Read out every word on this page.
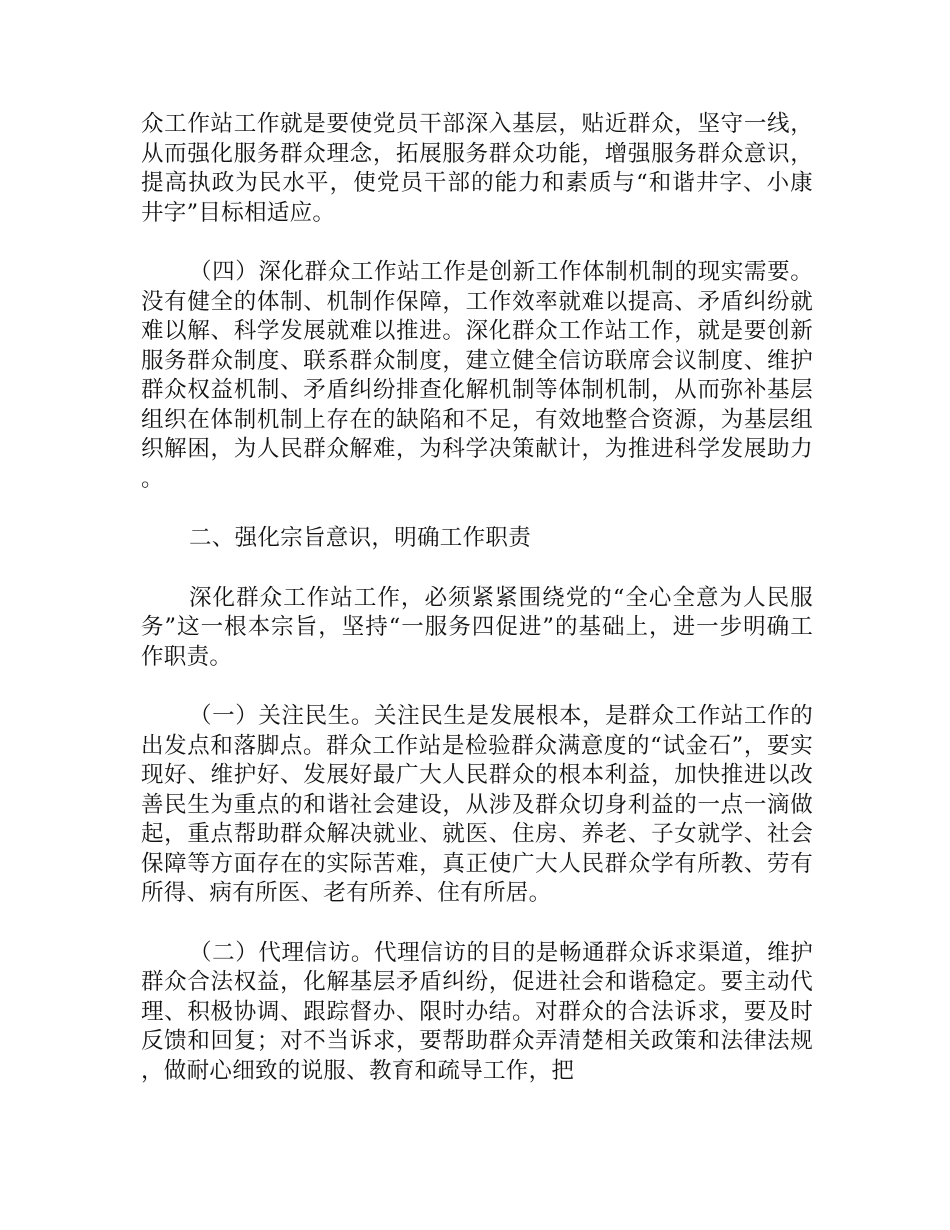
众工作站工作就是要使党员干部深入基层，贴近群众，坚守一线，从而强化服务群众理念，拓展服务群众功能，增强服务群众意识，提高执政为民水平，使党员干部的能力和素质与“和谐井字、小康井字”目标相适应。

（四）深化群众工作站工作是创新工作体制机制的现实需要。没有健全的体制、机制作保障，工作效率就难以提高、矛盾纠纷就难以解、科学发展就难以推进。深化群众工作站工作，就是要创新服务群众制度、联系群众制度，建立健全信访联席会议制度、维护群众权益机制、矛盾纠纷排查化解机制等体制机制，从而弥补基层组织在体制机制上存在的缺陷和不足，有效地整合资源，为基层组织解困，为人民群众解难，为科学决策献计，为推进科学发展助力。

二、强化宗旨意识，明确工作职责

深化群众工作站工作，必须紧紧围绕党的“全心全意为人民服务”这一根本宗旨，坚持“一服务四促进”的基础上，进一步明确工作职责。

（一）关注民生。关注民生是发展根本，是群众工作站工作的出发点和落脚点。群众工作站是检验群众满意度的“试金石”，要实现好、维护好、发展好最广大人民群众的根本利益，加快推进以改善民生为重点的和谐社会建设，从涉及群众切身利益的一点一滴做起，重点帮助群众解决就业、就医、住房、养老、子女就学、社会保障等方面存在的实际苦难，真正使广大人民群众学有所教、劳有所得、病有所医、老有所养、住有所居。

（二）代理信访。代理信访的目的是畅通群众诉求渠道，维护群众合法权益，化解基层矛盾纠纷，促进社会和谐稳定。要主动代理、积极协调、跟踪督办、限时办结。对群众的合法诉求，要及时反馈和回复；对不当诉求，要帮助群众弄清楚相关政策和法律法规，做耐心细致的说服、教育和疏导工作，把
